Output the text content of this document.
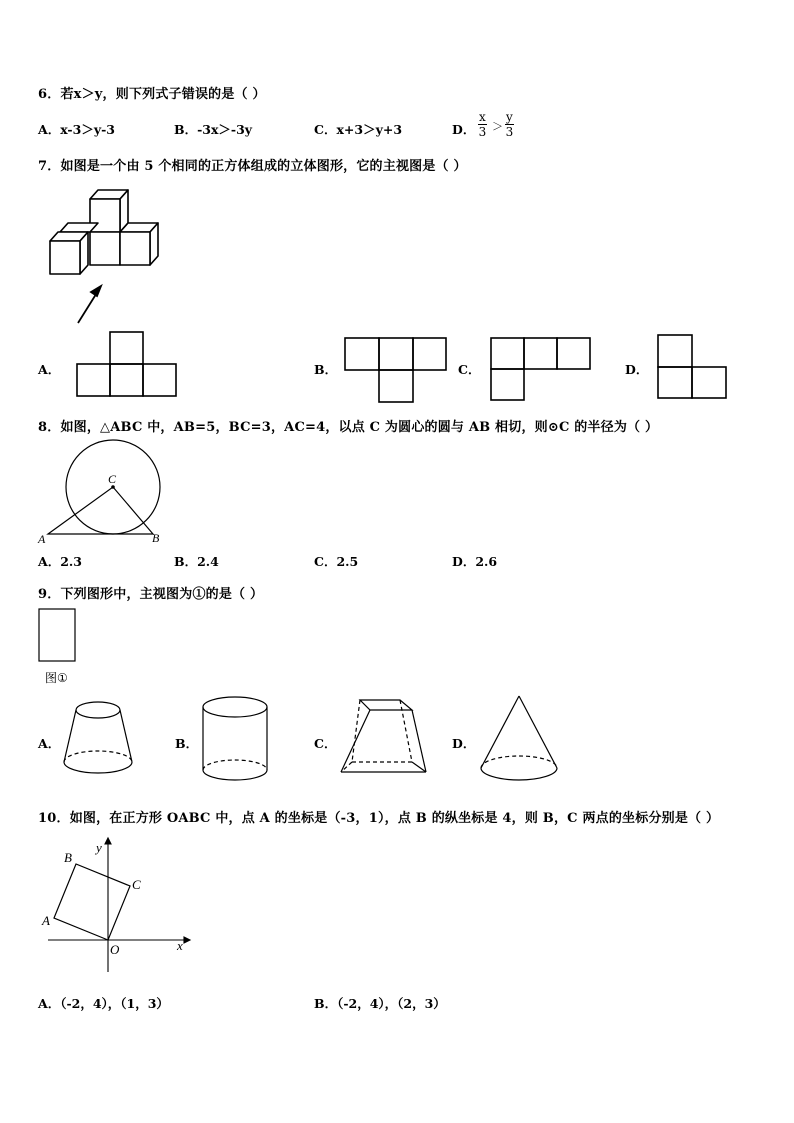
6．若x＞y，则下列式子错误的是（ ）
A．x-3＞y-3	B．-3x＞-3y	C．x+3＞y+3	D． $\frac{x}{3} > \frac{y}{3}$
7．如图是一个由 5 个相同的正方体组成的立体图形，它的主视图是（ ）
A．	B．	C．	D．
8．如图，△ABC 中，AB=5，BC=3，AC=4，以点 C 为圆心的圆与 AB 相切，则⊙C 的半径为（ ）
C
A	B
A．2.3	B．2.4	C．2.5	D．2.6
9．下列图形中，主视图为①的是（ ）
图①
A．	B．	C．	D．
10．如图，在正方形 OABC 中，点 A 的坐标是（-3，1），点 B 的纵坐标是 4，则 B，C 两点的坐标分别是（ ）
B
C
A
O	x
y
A．（-2，4），（1，3）	B．（-2，4），（2，3）
